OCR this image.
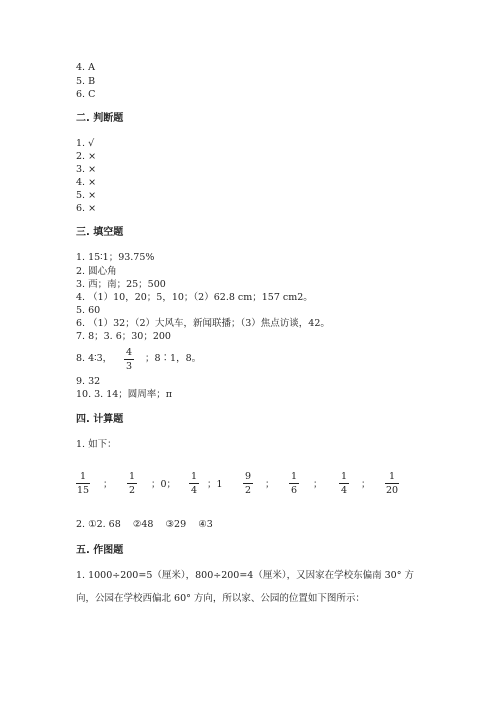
4. A
5. B
6. C
二. 判断题
1. √
2. ×
3. ×
4. ×
5. ×
6. ×
三. 填空题
1. 15∶1；93.75%
2. 圆心角
3. 西；南；25；500
4. （1）10，20；5，10；（2）62.8 cm；157 cm2。
5. 60
6. （1）32；（2）大风车，新闻联播；（3）焦点访谈，42。
7. 8；3. 6；30；200
8. 4∶3，
4
3
；8∶1，8。
9. 32
10. 3. 14；圆周率；π
四. 计算题
1. 如下：
1
15
；
1
2
；0；
1
4
；1
9
2
；
1
6
；
1
4
；
1
20
2. ①2. 68    ②48    ③29    ④3
五. 作图题
1. 1000÷200=5（厘米），800÷200=4（厘米），又因家在学校东偏南 30° 方
向，公园在学校西偏北 60° 方向，所以家、公园的位置如下图所示：
